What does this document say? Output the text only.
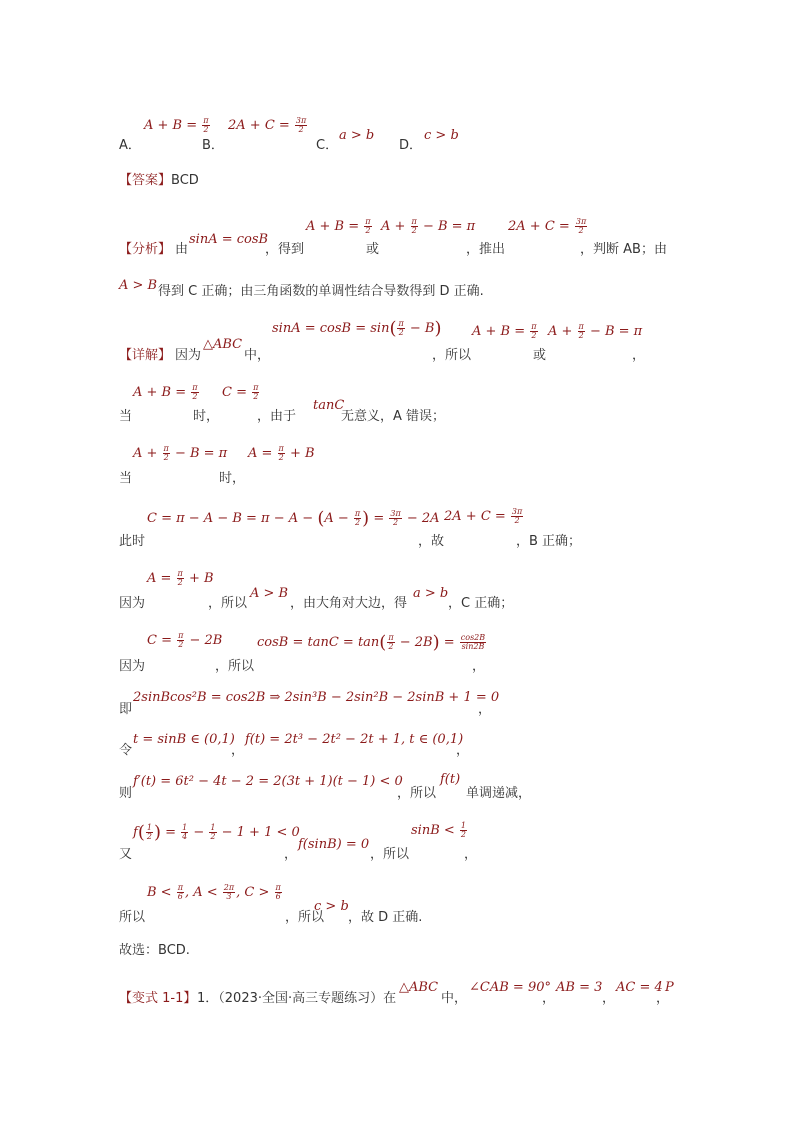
A．
$A + B = \frac{\pi}{2}$
B．
$2A + C = \frac{3\pi}{2}$
C．
a > b
D．
c > b
【答案】BCD
【分析】 由
sinA = cosB
，得到
$A + B = \frac{\pi}{2}$
或
$A + \frac{\pi}{2} - B = \pi$
，推出
$2A + C = \frac{3\pi}{2}$
，判断 AB；由
A > B 得到 C 正确；由三角函数的单调性结合导数得到 D 正确.
【详解】 因为
△ABC
中，
$\sin A = \cos B = \sin( \frac{\pi}{2} - B)$
，所以
$A + B = \frac{\pi}{2}$
或
$A + \frac{\pi}{2} - B = \pi$
，
当
$A + B = \frac{\pi}{2}$
时，
$C = \frac{\pi}{2}$
，由于
tanC
无意义，A 错误；
当
$A + \frac{\pi}{2} - B = \pi$
时，
$A = \frac{\pi}{2} + B$
此时
$C = \pi - A - B = \pi - A - (A - \frac{\pi}{2}$ ) = $\frac{3\pi}{2} - 2A$
，故
$2A + C = \frac{3\pi}{2}$
，B 正确；
因为
$A = \frac{\pi}{2} + B$
，所以
A > B
，由大角对大边，得
a > b
，C 正确；
因为
$C = \frac{\pi}{2} - 2B$
，所以
$\cos B = \tan C = \tan( \frac{\pi}{2} - 2B) = \frac{\cos 2B}{\sin 2B}$
，
即
2sinBcos²B = cos2B ⇒ 2sin³B − 2sin²B − 2sinB + 1 = 0
，
令
t = sinB ∈ (0,1)
，
f(t) = 2t³ − 2t² − 2t + 1, t ∈ (0,1)
，
则
f′(t) = 6t² − 4t − 2 = 2(3t + 1)(t − 1) < 0
，所以
f(t)
单调递减，
又
$f( \frac{1}{2}$ ) = $\frac{1}{4} - \frac{1}{2} - 1 + 1 < 0$
，
f(sinB) = 0
，所以
$\sin B < \frac{1}{2}$
，
所以
$B < \frac{\pi}{6}$ , $A < \frac{2\pi}{3}$ , $C > \frac{\pi}{6}$
，所以
c > b
，故 D 正确.
故选：BCD.
【变式 1-1】 1．（2023·全国·高三专题练习）在
△ABC
中，
∠CAB = 90°
，
AB = 3
，
AC = 4
，
P
